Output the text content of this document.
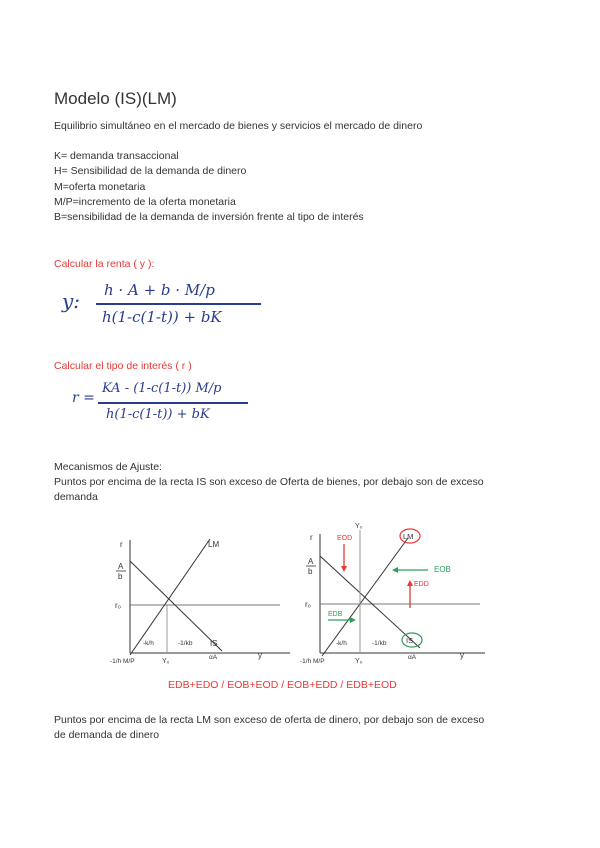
Modelo (IS)(LM)
Equilibrio simultáneo en el mercado de bienes y servicios el mercado de dinero
K= demanda transaccional
H= Sensibilidad de la demanda de dinero
M=oferta monetaria
M/P=incremento de la oferta monetaria
B=sensibilidad de la demanda de inversión frente al tipo de interés
Calcular la renta ( y ):
y: h · A + b · M/p
h(1-c(1-t)) + bK
Calcular el tipo de interés ( r )
r =
KA - (1-c(1-t)) M/p
h(1-c(1-t)) + bK
Mecanismos de Ajuste:
Puntos por encima de la recta IS son exceso de Oferta de bienes, por debajo son de exceso
demanda
r
y
LM
IS
A
b
r₀
Y₀
-k/h	-1/kb
αA
-1/h M/P
EOD
EOB
EDD
EDB
LM
IS
Y₀
r
y
A
b
r₀
Y₀
-k/h	-1/kb
αA
-1/h M/P
EDB+EDO / EOB+EOD / EOB+EDD / EDB+EOD
Puntos por encima de la recta LM son exceso de oferta de dinero, por debajo son de exceso
de demanda de dinero
